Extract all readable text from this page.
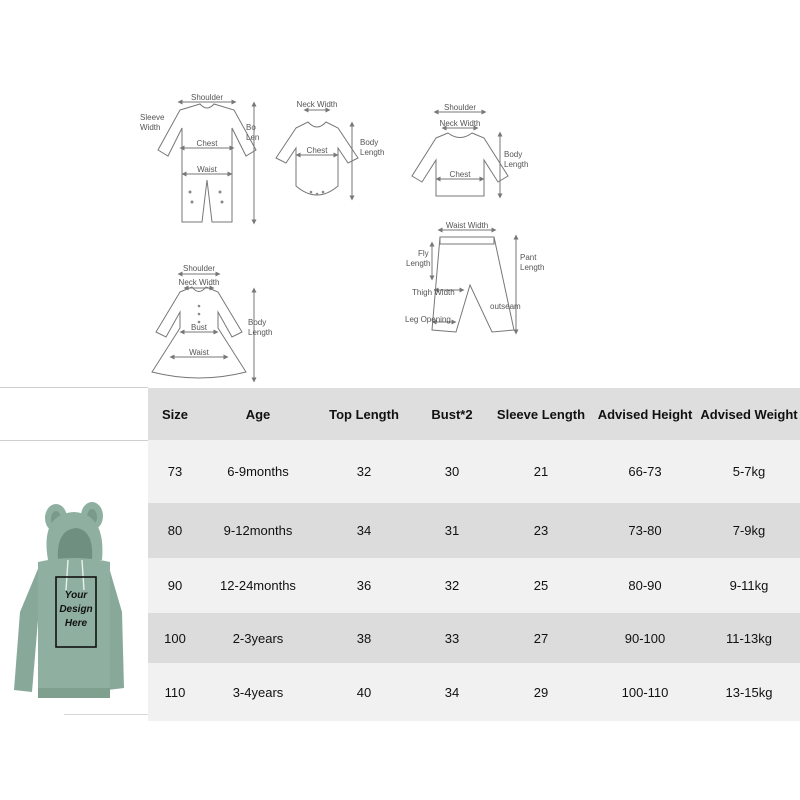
Shoulder
Sleeve
Width
Chest
Waist
Bo
Len
Neck Width
Chest
Body
Length
Shoulder
Neck Width
Chest
Body
Length
Shoulder
Neck Width
Bust
Waist
Body
Length
Waist Width
Fly
Length
Pant
Length
Thigh Width
outseam
Leg Opening
Size	Age	Top Length	Bust*2	Sleeve Length	Advised Height	Advised Weight
73	6-9months	32	30	21	66-73	5-7kg
80	9-12months	34	31	23	73-80	7-9kg
90	12-24months	36	32	25	80-90	9-11kg
100	2-3years	38	33	27	90-100	11-13kg
110	3-4years	40	34	29	100-110	13-15kg
Your
Design
Here
